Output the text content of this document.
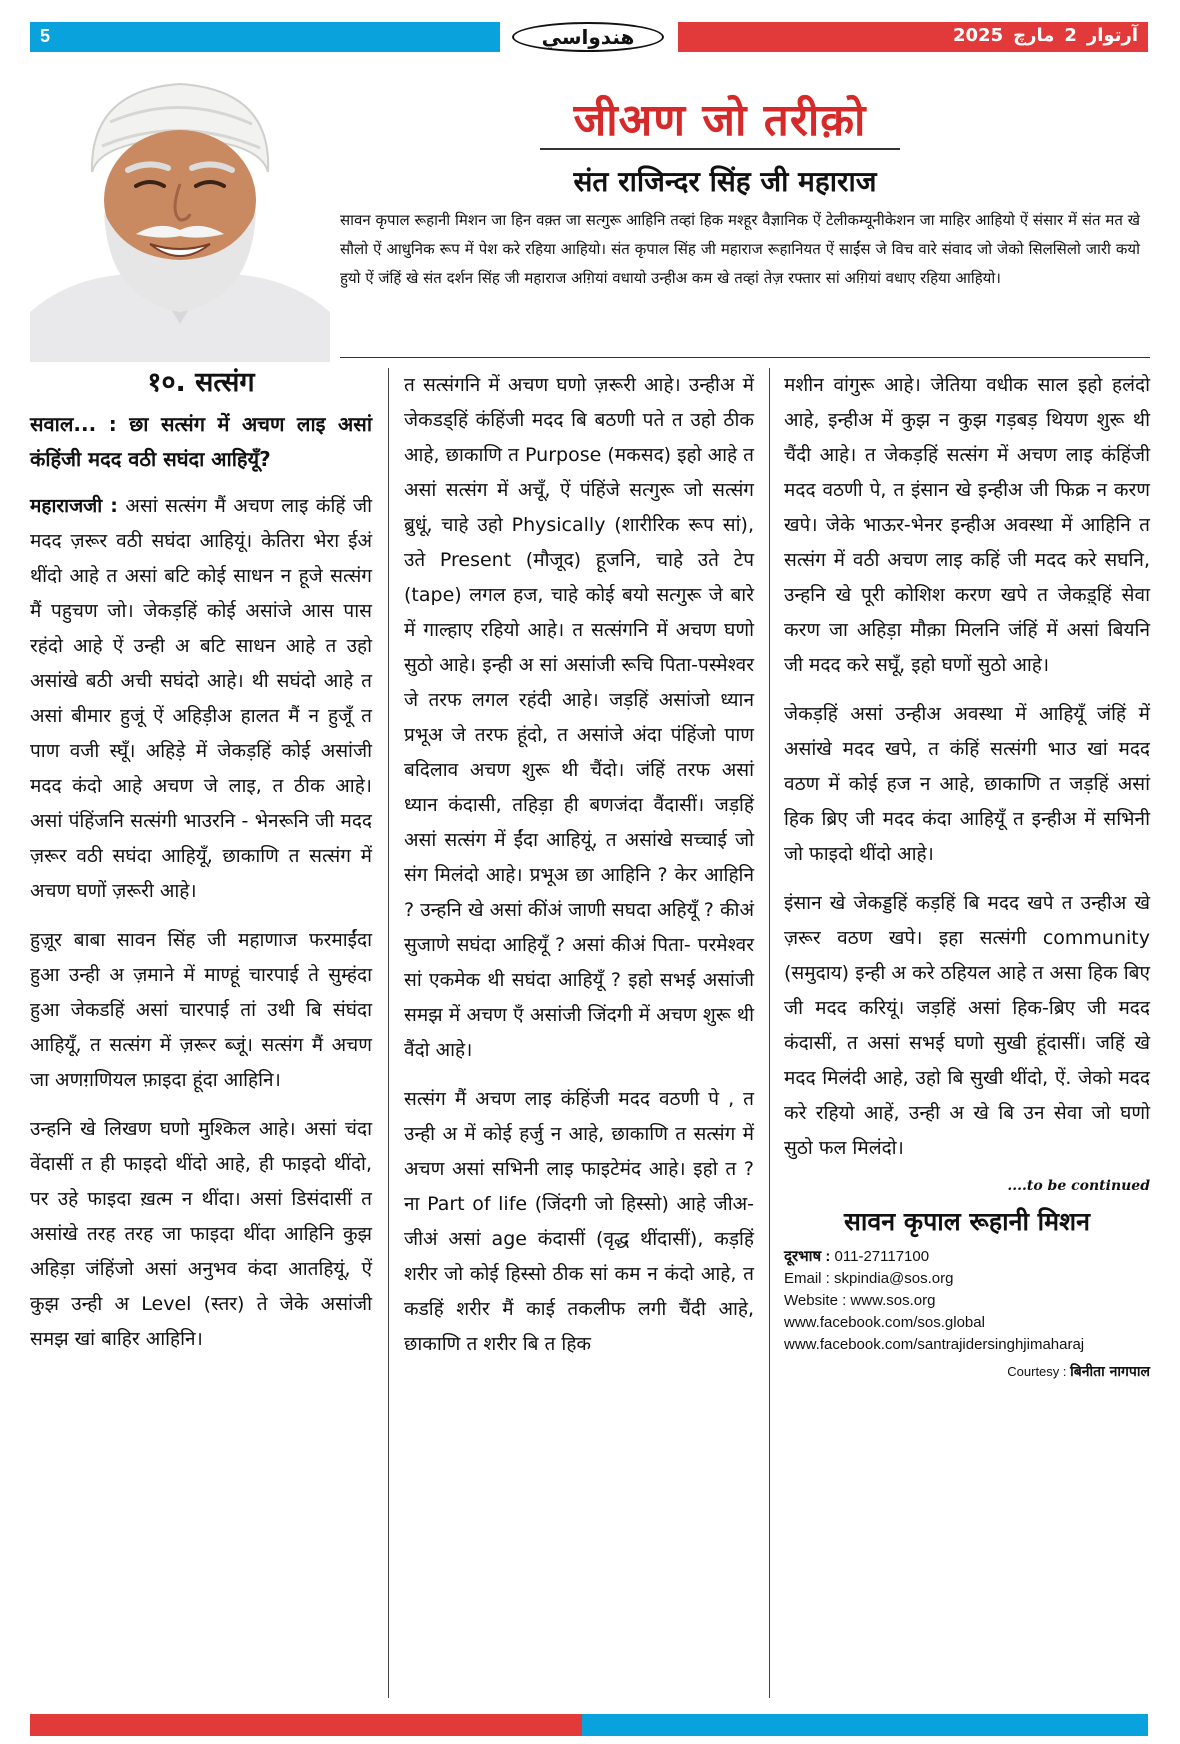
5	هندواسي	آرتوار2مارچ2025
जीअण जो तरीक़ो
संत राजिन्दर सिंह जी महाराज
सावन कृपाल रूहानी मिशन जा हिन वक़्त जा सत्गुरू आहिनि तव्हां हिक मश्हूर वैज्ञानिक ऐं टेलीकम्यूनीकेशन जा माहिर आहियो ऐं संसार में संत मत खे सौलो ऐं आधुनिक रूप में पेश करे रहिया आहियो। संत कृपाल सिंह जी महाराज रूहानियत ऐं साईंस जे विच वारे संवाद जो जेको सिलसिलो जारी कयो हुयो ऐं जंहिं खे संत दर्शन सिंह जी महाराज अग़ियां वधायो उन्हीअ कम खे तव्हां तेज़ रफ्तार सां अग़ियां वधाए रहिया आहियो।
१०. सत्संग

सवाल... : छा सत्संग में अचण लाइ असां कंहिंजी मदद वठी सघंदा आहियूँ?

महाराजजी : असां सत्संग मैं अचण लाइ कंहिं जी मदद ज़रूर वठी सघंदा आहियूं। केतिरा भेरा ईअं थींदो आहे त असां बटि कोई साधन न हूजे सत्संग मैं पहुचण जो। जेकड़हिं कोई असांजे आस पास रहंदो आहे ऐं उन्ही अ बटि साधन आहे त उहो असांखे बठी अची सघंदो आहे। थी सघंदो आहे त असां बीमार हुजूं ऐं अहिड़ीअ हालत मैं न हुजूँ त पाण वजी स्घूँ। अहिड़े में जेकड़हिं कोई असांजी मदद कंदो आहे अचण जे लाइ, त ठीक आहे। असां पंहिंजनि सत्संगी भाउरनि - भेनरूनि जी मदद ज़रूर वठी सघंदा आहियूँ, छाकाणि त सत्संग में अचण घणों ज़रूरी आहे।

हुज़ूर बाबा सावन सिंह जी महाणाज फरमाईंदा हुआ उन्ही अ ज़माने में माण्हूं चारपाई ते सुम्हंदा हुआ जेकडहिं असां चारपाई तां उथी बि संघंदा आहियूँ, त सत्संग में ज़रूर ब्जूं। सत्संग मैं अचण जा अणग़णियल फ़ाइदा हूंदा आहिनि।

उन्हनि खे लिखण घणो मुश्किल आहे। असां चंदा वेंदासीं त ही फाइदो थींदो आहे, ही फाइदो थींदो, पर उहे फाइदा ख़त्म न थींदा। असां डिसंदासीं त असांखे तरह तरह जा फाइदा थींदा आहिनि कुझ अहिड़ा जंहिंजो असां अनुभव कंदा आतहियूं, ऐं कुझ उन्ही अ Level (स्तर) ते जेके असांजी समझ खां बाहिर आहिनि।

त सत्संगनि में अचण घणो ज़रूरी आहे। उन्हीअ में जेकडड्हिं कंहिंजी मदद बि बठणी पते त उहो ठीक आहे, छाकाणि त Purpose (मकसद) इहो आहे त असां सत्संग में अचूँ, ऐं पंहिंजे सत्गुरू जो सत्संग ब्रुधूं, चाहे उहो Physically (शारीरिक रूप सां), उते Present (मौजूद) हूजनि, चाहे उते टेप (tape) लगल हज, चाहे कोई बयो सत्गुरू जे बारे में गाल्हाए रहियो आहे। त सत्संगनि में अचण घणो सुठो आहे। इन्ही अ सां असांजी रूचि पिता-पस्मेश्वर जे तरफ लगल रहंदी आहे। जड़हिं असांजो ध्यान प्रभूअ जे तरफ हूंदो, त असांजे अंदा पंहिंजो पाण बदिलाव अचण शुरू थी चैंदो। जंहिं तरफ असां ध्यान कंदासी, तहिड़ा ही बणजंदा वैंदासीं। जड़हिं असां सत्संग में ईंदा आहियूं, त असांखे सच्चाई जो संग मिलंदो आहे। प्रभूअ छा आहिनि ? केर आहिनि ? उन्हनि खे असां कींअं जाणी सघदा अहियूँ ? कीअं सुजाणे सघंदा आहियूँ ? असां कीअं पिता- परमेश्वर सां एकमेक थी सघंदा आहियूँ ? इहो सभई असांजी समझ में अचण एँ असांजी जिंदगी में अचण शुरू थी वैंदो आहे।

सत्संग मैं अचण लाइ कंहिंजी मदद वठणी पे , त उन्ही अ में कोई हर्जु न आहे, छाकाणि त सत्संग में अचण असां सभिनी लाइ फाइटेमंद आहे। इहो त ? ना Part of life (जिंदगी जो हिस्सो) आहे जीअ-जीअं असां age कंदासीं (वृद्ध थींदासीं), कड़हिं शरीर जो कोई हिस्सो ठीक सां कम न कंदो आहे, त कडहिं शरीर मैं काई तकलीफ लगी चैंदी आहे, छाकाणि त शरीर बि त हिक

मशीन वांगुरू आहे। जेतिया वधीक साल इहो हलंदो आहे, इन्हीअ में कुझ न कुझ गड़बड़ थियण शुरू थी चैंदी आहे। त जेकड़हिं सत्संग में अचण लाइ कंहिंजी मदद वठणी पे, त इंसान खे इन्हीअ जी फिक्र न करण खपे। जेके भाऊर-भेनर इन्हीअ अवस्था में आहिनि त सत्संग में वठी अचण लाइ कहिं जी मदद करे सघनि, उन्हनि खे पूरी कोशिश करण खपे त जेकड़्हिं सेवा करण जा अहिड़ा मौक़ा मिलनि जंहिं में असां बियनि जी मदद करे सघूँ, इहो घणों सुठो आहे।

जेकड़हिं असां उन्हीअ अवस्था में आहियूँ जंहिं में असांखे मदद खपे, त कंहिं सत्संगी भाउ खां मदद वठण में कोई हज न आहे, छाकाणि त जड़हिं असां हिक ब्रिए जी मदद कंदा आहियूँ त इन्हीअ में सभिनी जो फाइदो थींदो आहे।

इंसान खे जेकड्डहिं कड़हिं बि मदद खपे त उन्हीअ खे ज़रूर वठण खपे। इहा सत्संगी community (समुदाय) इन्ही अ करे ठहियल आहे त असा हिक बिए जी मदद करियूं। जड़हिं असां हिक-ब्रिए जी मदद कंदासीं, त असां सभई घणो सुखी हूंदासीं। जहिं खे मदद मिलंदी आहे, उहो बि सुखी थींदो, ऐं. जेको मदद करे रहियो आहें, उन्ही अ खे बि उन सेवा जो घणो सुठो फल मिलंदो।

....to be continued

सावन कृपाल रूहानी मिशन

दूरभाष : 011-27117100

Email : skpindia@sos.org

Website : www.sos.org

www.facebook.com/sos.global

www.facebook.com/santrajidersinghjimaharaj

Courtesy : बिनीता नागपाल
